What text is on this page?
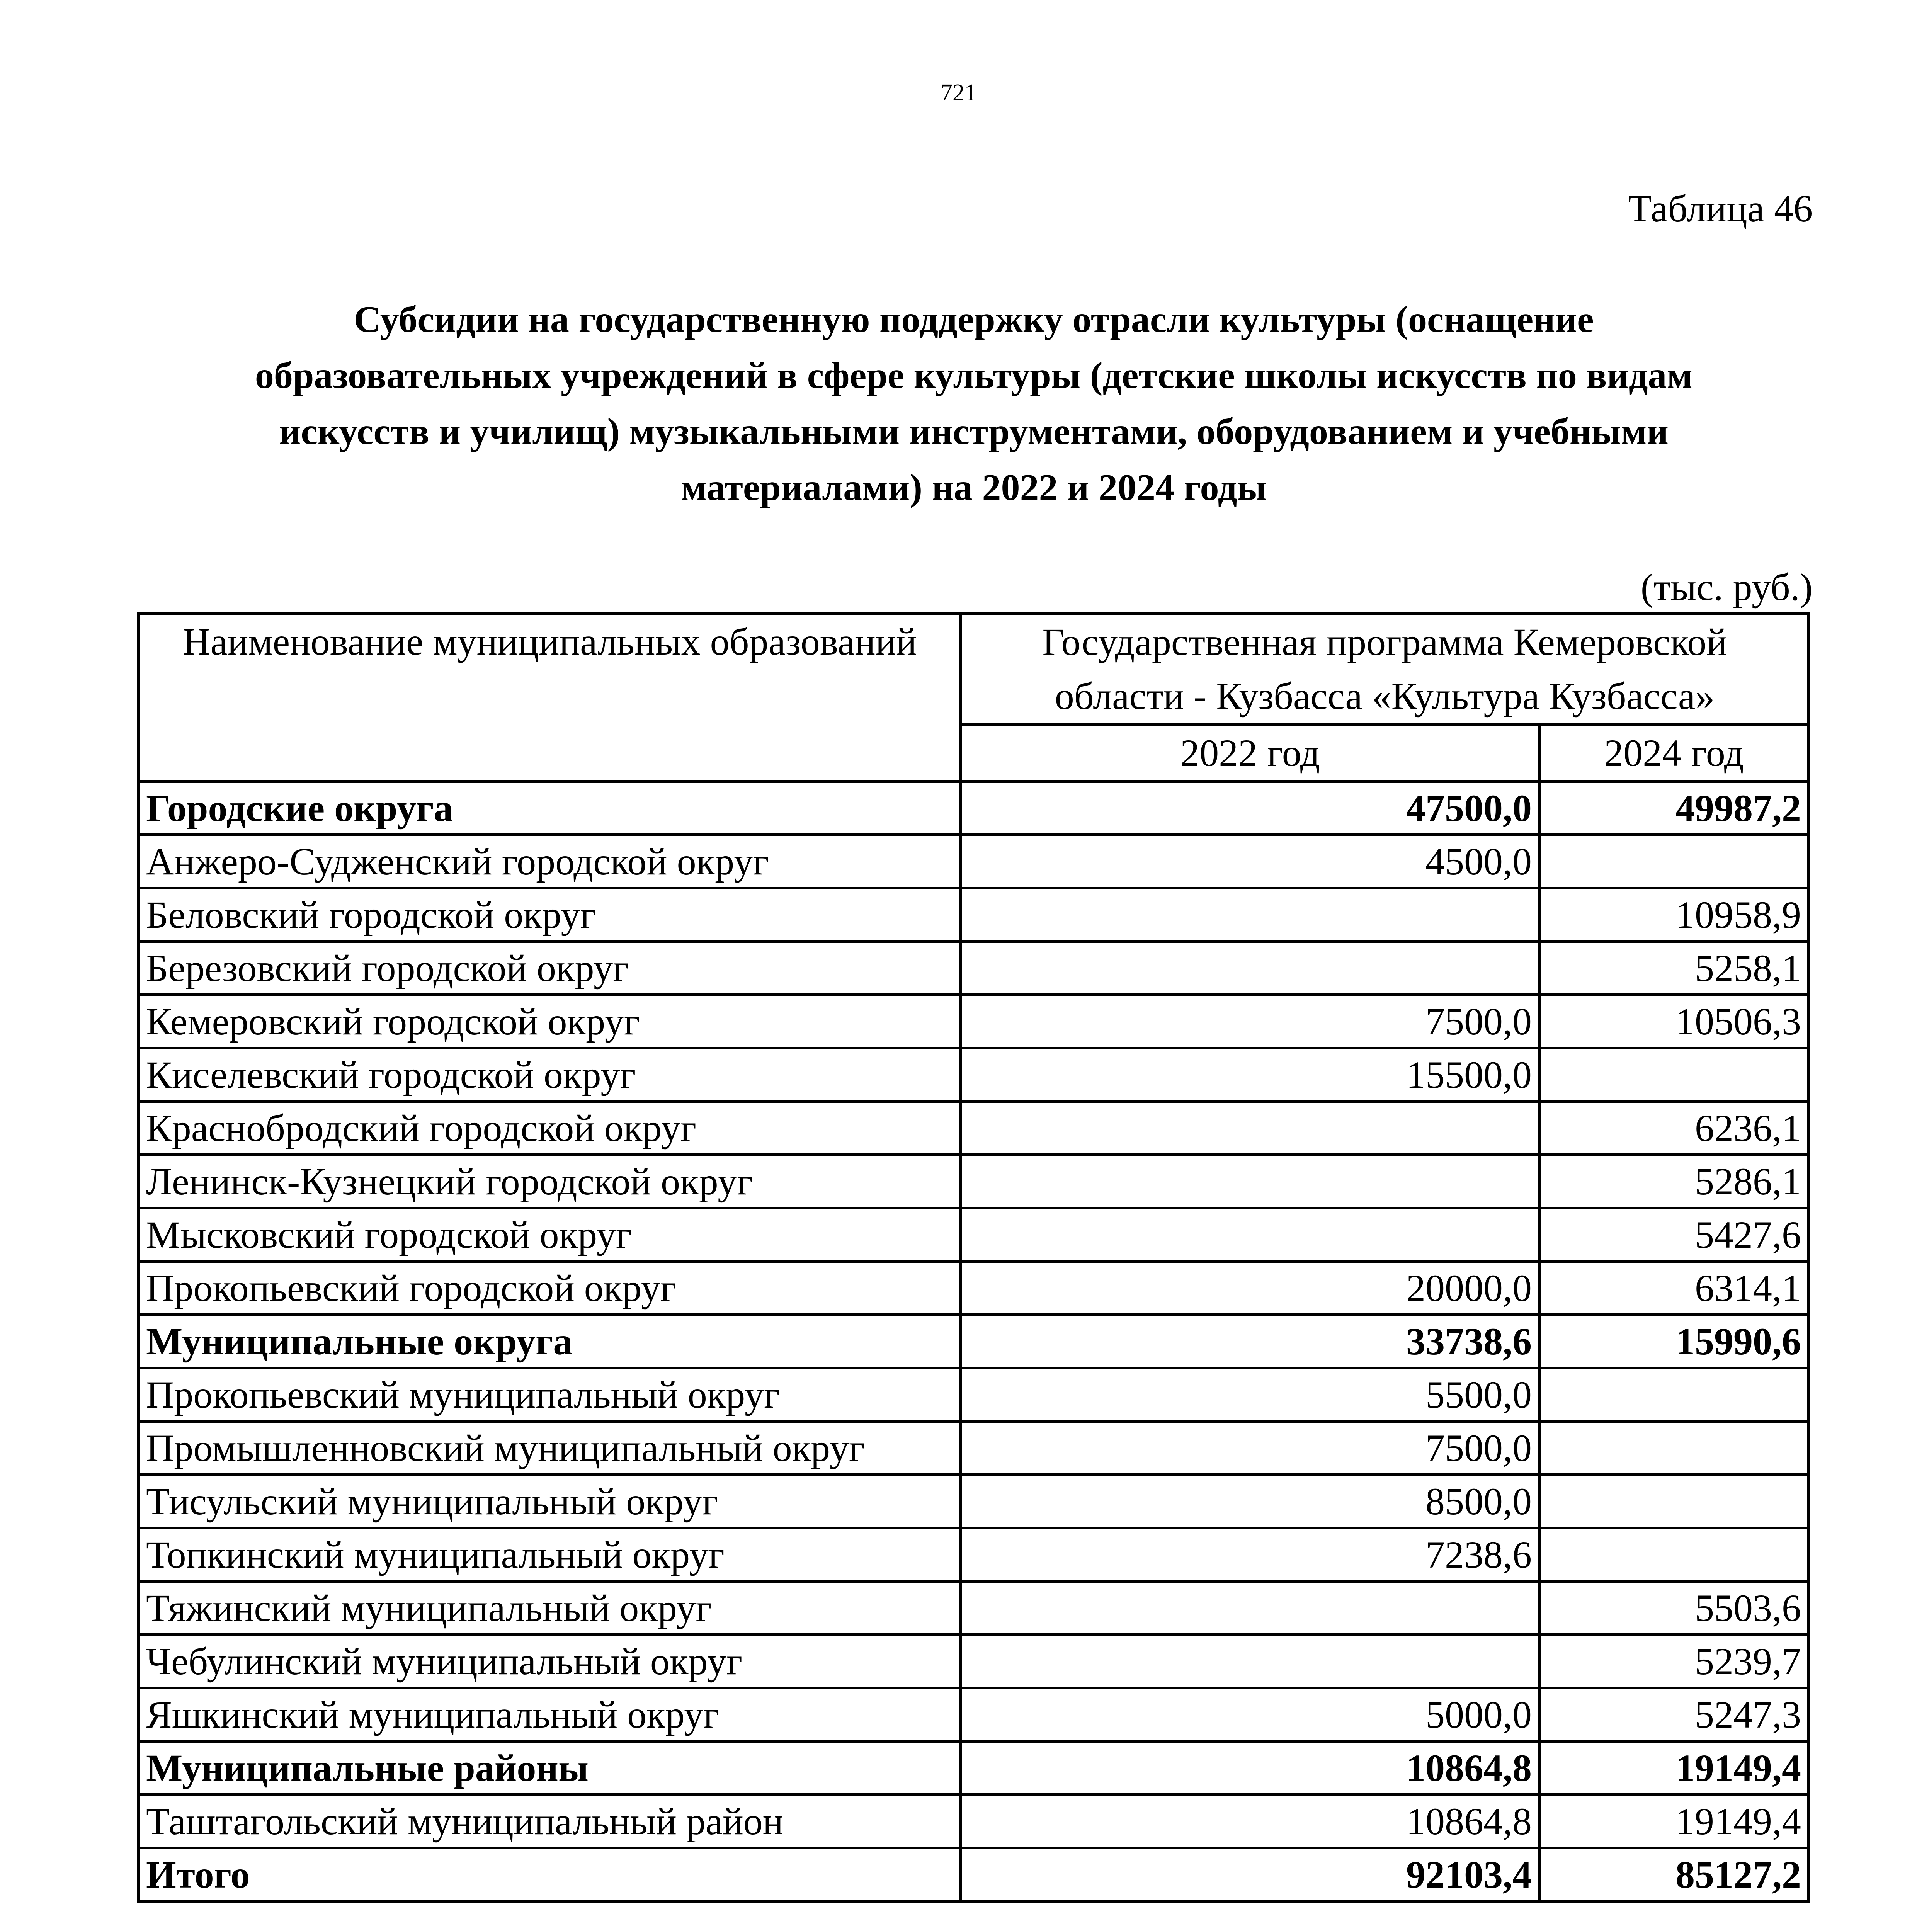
721
Таблица 46
Субсидии на государственную поддержку отрасли культуры (оснащение
образовательных учреждений в сфере культуры (детские школы искусств по видам
искусств и училищ) музыкальными инструментами, оборудованием и учебными
материалами) на 2022 и 2024 годы
(тыс. руб.)
Наименование муниципальных образований	Государственная программа Кемеровской области - Кузбасса «Культура Кузбасса»	
	2022 год	2024 год
Городские округа	47500,0	49987,2
Анжеро-Судженский городской округ	4500,0	
Беловский городской округ		10958,9
Березовский городской округ		5258,1
Кемеровский городской округ	7500,0	10506,3
Киселевский городской округ	15500,0	
Краснобродский городской округ		6236,1
Ленинск-Кузнецкий городской округ		5286,1
Мысковский городской округ		5427,6
Прокопьевский городской округ	20000,0	6314,1
Муниципальные округа	33738,6	15990,6
Прокопьевский муниципальный округ	5500,0	
Промышленновский муниципальный округ	7500,0	
Тисульский муниципальный округ	8500,0	
Топкинский муниципальный округ	7238,6	
Тяжинский муниципальный округ		5503,6
Чебулинский муниципальный округ		5239,7
Яшкинский муниципальный округ	5000,0	5247,3
Муниципальные районы	10864,8	19149,4
Таштагольский муниципальный район	10864,8	19149,4
Итого	92103,4	85127,2
